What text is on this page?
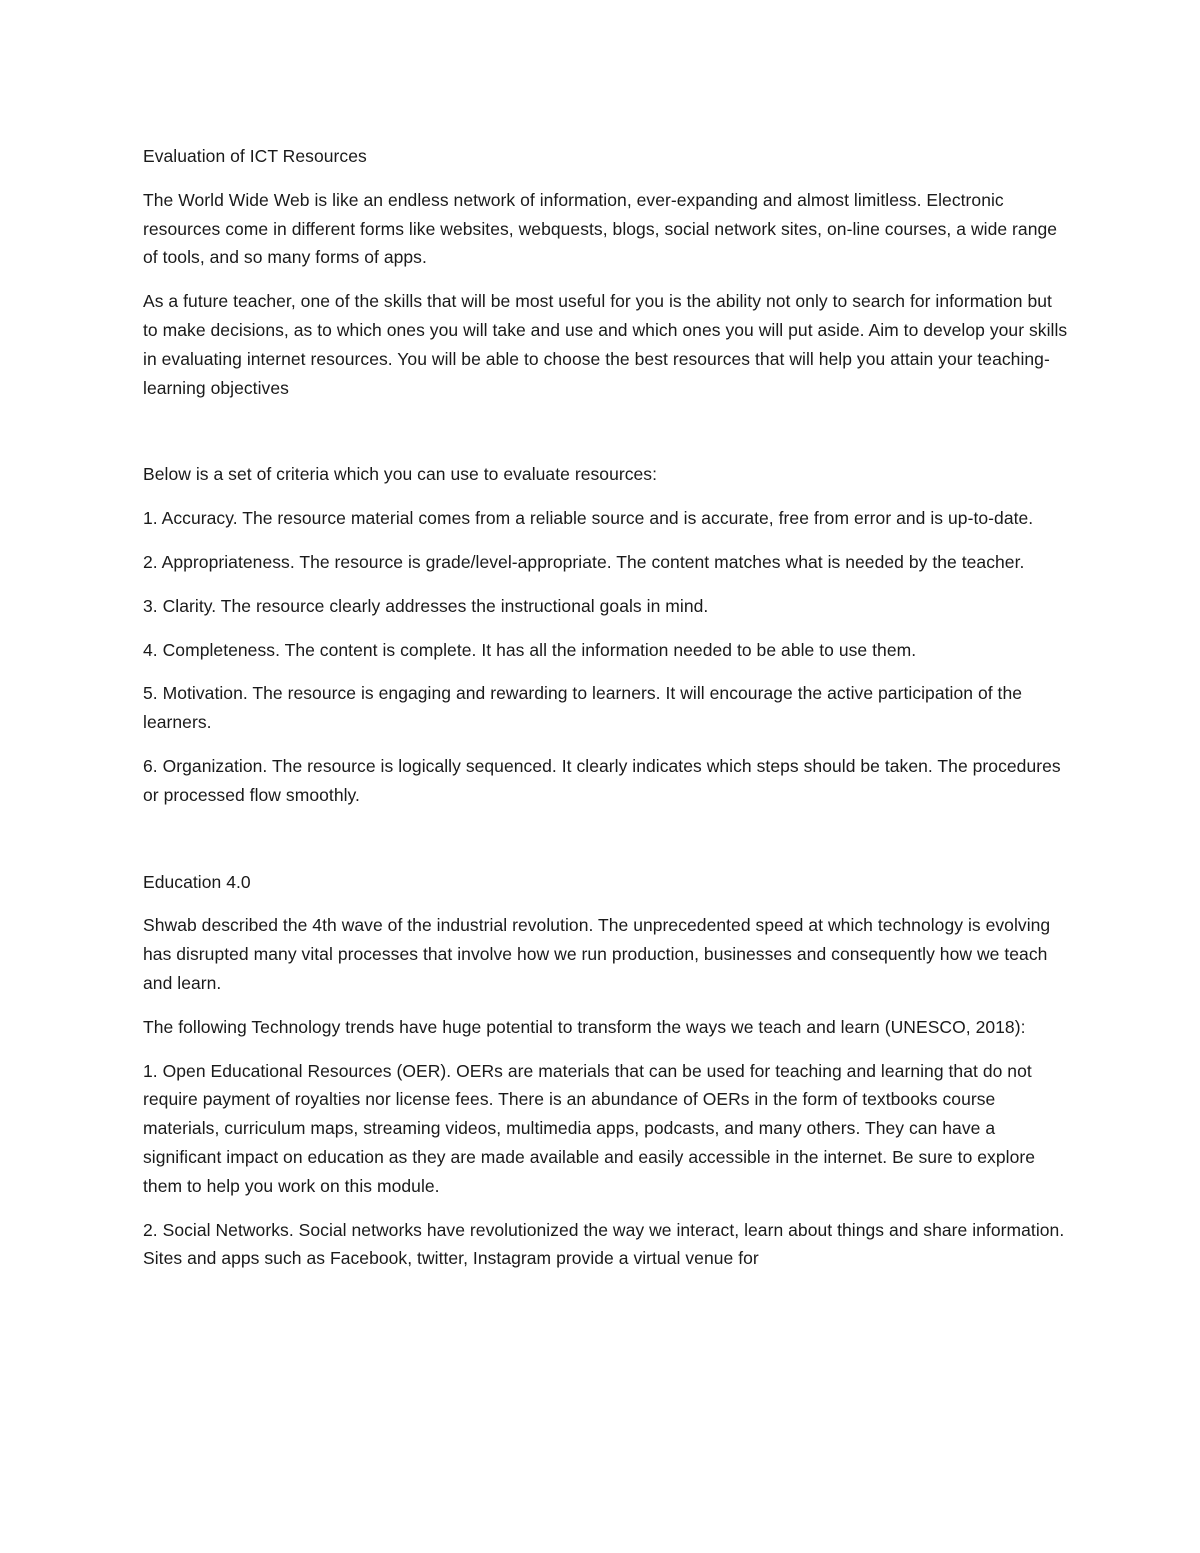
Evaluation of ICT Resources

The World Wide Web is like an endless network of information, ever-expanding and almost limitless. Electronic resources come in different forms like websites, webquests, blogs, social network sites, on-line courses, a wide range of tools, and so many forms of apps.

As a future teacher, one of the skills that will be most useful for you is the ability not only to search for information but to make decisions, as to which ones you will take and use and which ones you will put aside. Aim to develop your skills in evaluating internet resources. You will be able to choose the best resources that will help you attain your teaching-learning objectives

Below is a set of criteria which you can use to evaluate resources:

1. Accuracy. The resource material comes from a reliable source and is accurate, free from error and is up-to-date.

2. Appropriateness. The resource is grade/level-appropriate. The content matches what is needed by the teacher.

3. Clarity. The resource clearly addresses the instructional goals in mind.

4. Completeness. The content is complete. It has all the information needed to be able to use them.

5. Motivation. The resource is engaging and rewarding to learners. It will encourage the active participation of the learners.

6. Organization. The resource is logically sequenced. It clearly indicates which steps should be taken. The procedures or processed flow smoothly.

Education 4.0

Shwab described the 4th wave of the industrial revolution. The unprecedented speed at which technology is evolving has disrupted many vital processes that involve how we run production, businesses and consequently how we teach and learn.

The following Technology trends have huge potential to transform the ways we teach and learn (UNESCO, 2018):

1. Open Educational Resources (OER). OERs are materials that can be used for teaching and learning that do not require payment of royalties nor license fees. There is an abundance of OERs in the form of textbooks course materials, curriculum maps, streaming videos, multimedia apps, podcasts, and many others. They can have a significant impact on education as they are made available and easily accessible in the internet. Be sure to explore them to help you work on this module.

2. Social Networks. Social networks have revolutionized the way we interact, learn about things and share information. Sites and apps such as Facebook, twitter, Instagram provide a virtual venue for
